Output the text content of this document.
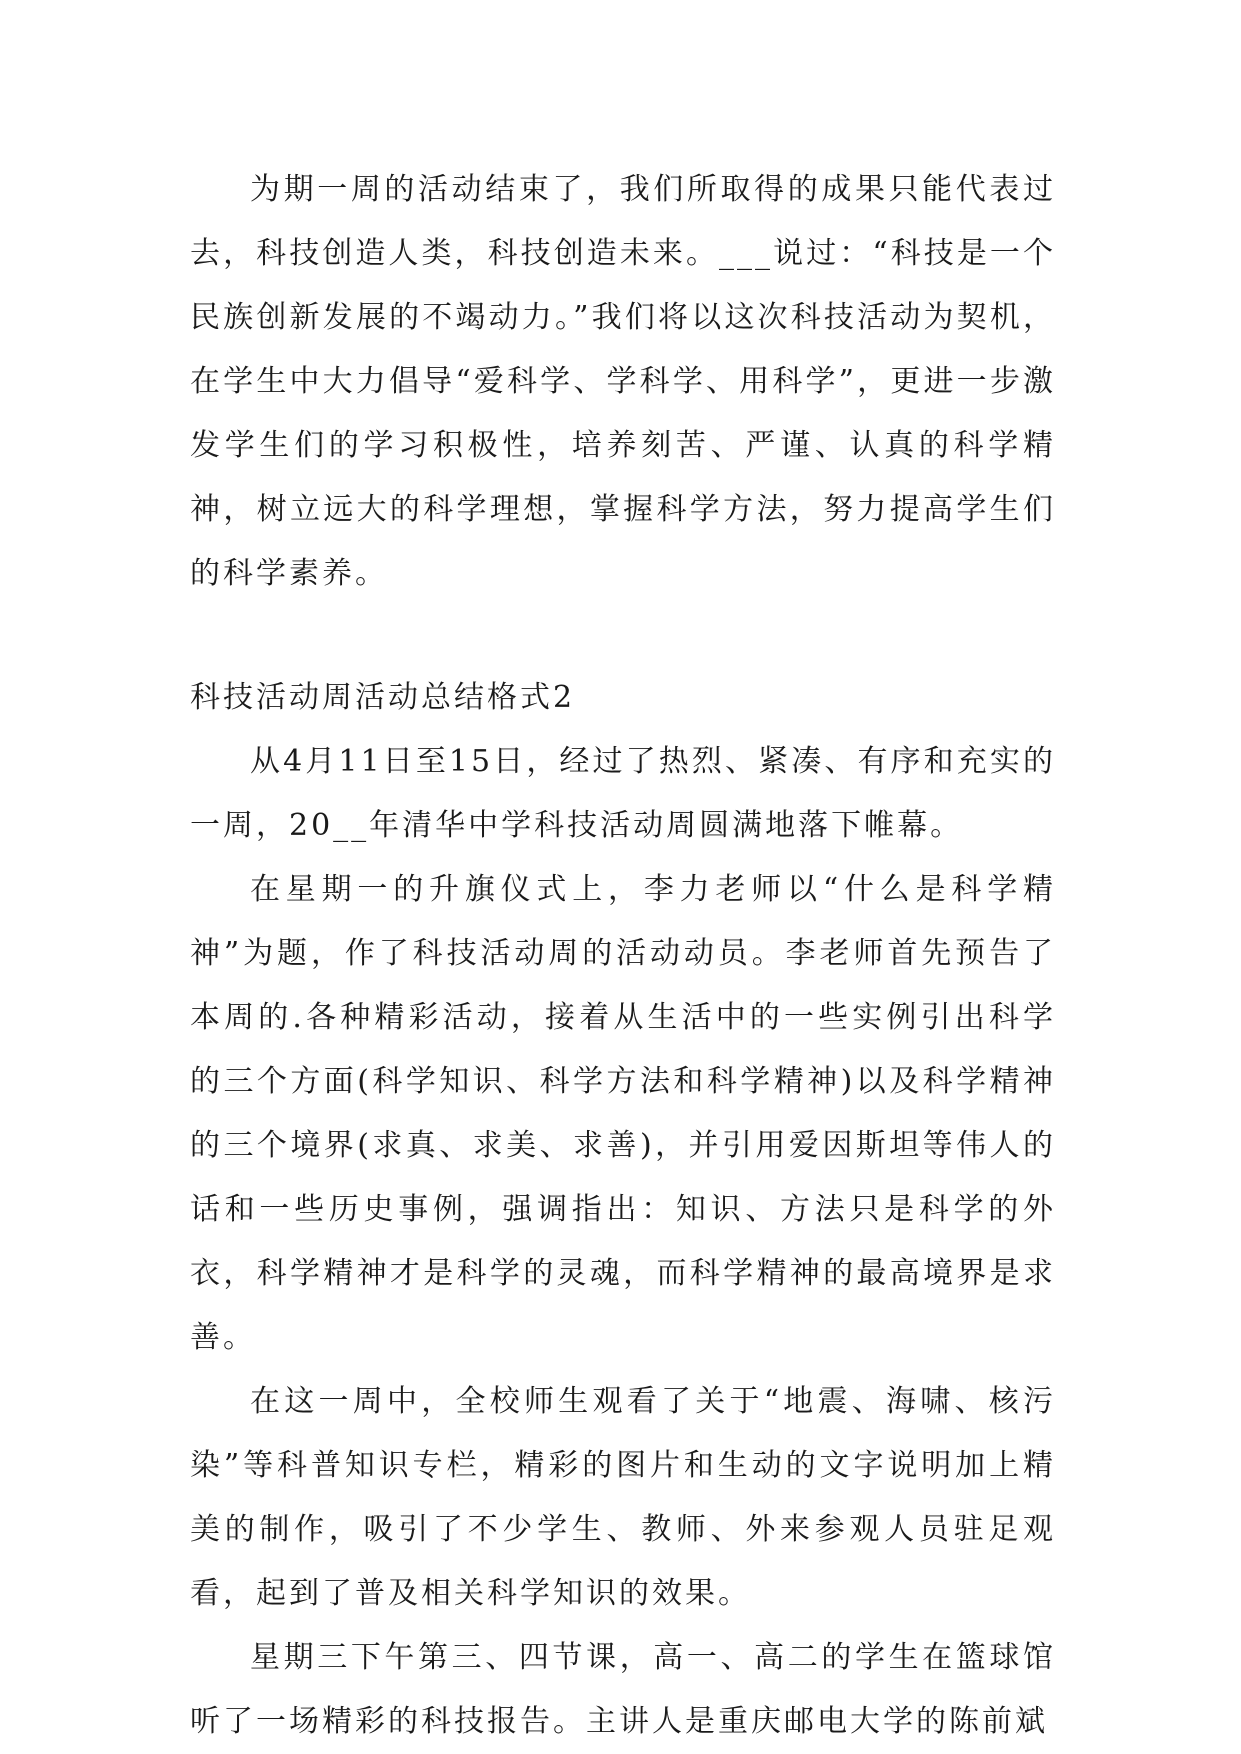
为期一周的活动结束了，我们所取得的成果只能代表过去，科技创造人类，科技创造未来。___说过：“科技是一个民族创新发展的不竭动力。”我们将以这次科技活动为契机，在学生中大力倡导“爱科学、学科学、用科学”，更进一步激发学生们的学习积极性，培养刻苦、严谨、认真的科学精神，树立远大的科学理想，掌握科学方法，努力提高学生们的科学素养。

科技活动周活动总结格式2

从4月11日至15日，经过了热烈、紧凑、有序和充实的一周，20__年清华中学科技活动周圆满地落下帷幕。

在星期一的升旗仪式上，李力老师以“什么是科学精神”为题，作了科技活动周的活动动员。李老师首先预告了本周的.各种精彩活动，接着从生活中的一些实例引出科学的三个方面(科学知识、科学方法和科学精神)以及科学精神的三个境界(求真、求美、求善)，并引用爱因斯坦等伟人的话和一些历史事例，强调指出：知识、方法只是科学的外衣，科学精神才是科学的灵魂，而科学精神的最高境界是求善。

在这一周中，全校师生观看了关于“地震、海啸、核污染”等科普知识专栏，精彩的图片和生动的文字说明加上精美的制作，吸引了不少学生、教师、外来参观人员驻足观看，起到了普及相关科学知识的效果。

星期三下午第三、四节课，高一、高二的学生在篮球馆听了一场精彩的科技报告。主讲人是重庆邮电大学的陈前斌
